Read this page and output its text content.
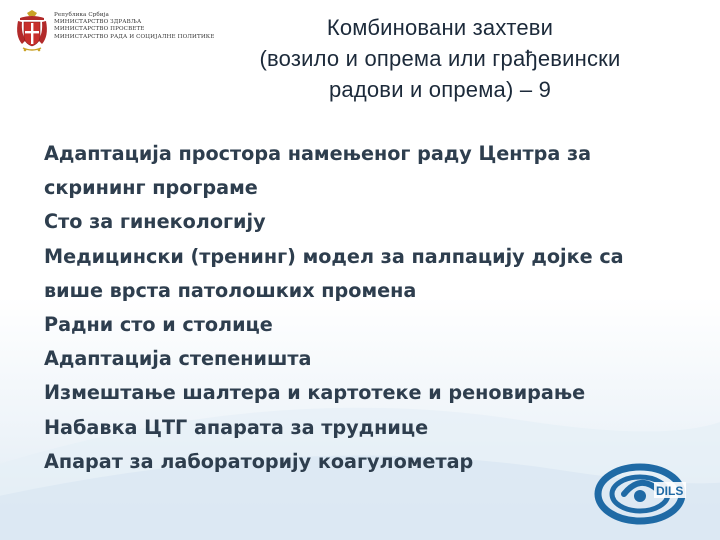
Република Србија
МИНИСТАРСТВО ЗДРАВЉА
МИНИСТАРСТВО ПРОСВЕТЕ
МИНИСТАРСТВО РАДА И СОЦИЈАЛНЕ ПОЛИТИКЕ	Комбиновани захтеви
(возило и опрема или грађевински
радови и опрема) – 9
Адаптација простора намењеног раду Центра за
скрининг програме
Сто за гинекологију
Медицински (тренинг) модел за палпацију дојке са
више врста патолошких промена
Радни сто и столице
Адаптација степеништа
Измештање шалтера и картотеке и реновирање
Набавка ЦТГ апарата за труднице
Апарат за лабораторију коагулометар
DILS
